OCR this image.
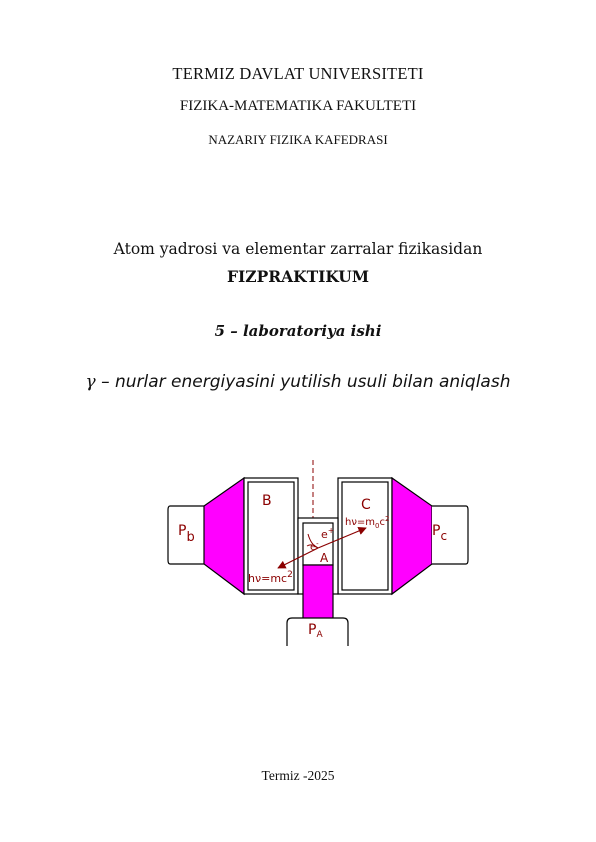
TERMIZ DAVLAT UNIVERSITETI
FIZIKA-MATEMATIKA FAKULTETI
NAZARIY FIZIKA KAFEDRASI
Atom yadrosi va elementar zarralar fizikasidan
FIZPRAKTIKUM
5 – laboratoriya ishi
γ – nurlar energiyasini yutilish usuli bilan aniqlash
B	C
A
Pb	Pc
$P_A$
e+
e-
$h\nu=mc^2$
$h\nu=m_0c^2$
Termiz -2025
